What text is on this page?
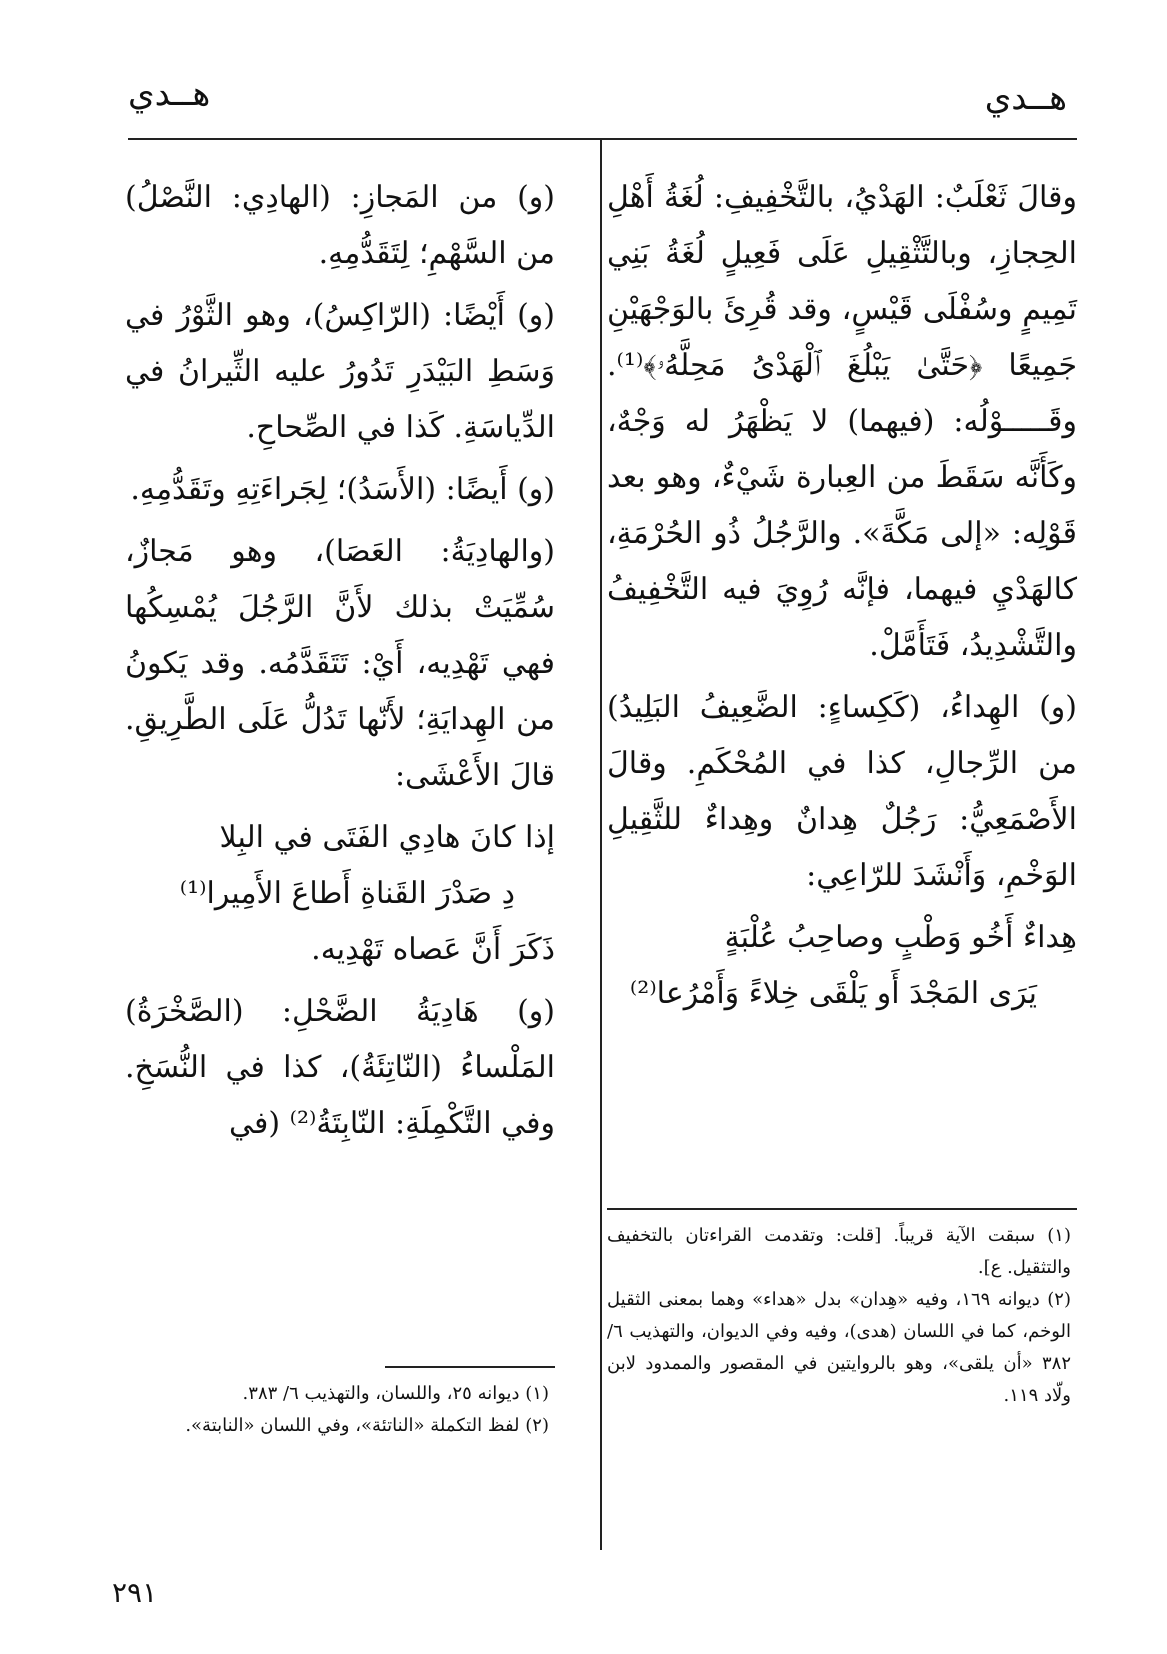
هــدي
هــدي

وقالَ ثَعْلَبٌ: الهَدْيُ، بالتَّخْفِيفِ: لُغَةُ أَهْلِ الحِجازِ، وبالتَّثْقِيلِ عَلَى فَعِيلٍ لُغَةُ بَنِي تَمِيمٍ وسُفْلَى قَيْسٍ، وقد قُرِئَ بالوَجْهَيْنِ جَمِيعًا ﴿حَتَّىٰ يَبْلُغَ ٱلْهَدْىُ مَحِلَّهُۥ﴾⁽¹⁾. وقَـــــوْلُه: (فيهما) لا يَظْهَرُ له وَجْهٌ، وكَأَنَّه سَقَطَ من العِبارة شَيْءٌ، وهو بعد قَوْلِه: «إلى مَكَّةَ». والرَّجُلُ ذُو الحُرْمَةِ، كالهَدْيِ فيهما، فإنَّه رُوِيَ فيه التَّخْفِيفُ والتَّشْدِيدُ، فَتَأَمَّلْ.

(و) الهِداءُ، (كَكِساءٍ: الضَّعِيفُ البَلِيدُ) من الرِّجالِ، كذا في المُحْكَمِ. وقالَ الأَصْمَعِيُّ: رَجُلٌ هِدانٌ وهِداءٌ للثَّقِيلِ الوَخْمِ، وَأَنْشَدَ للرّاعِي:

هِداءٌ أَخُو وَطْبٍ وصاحِبُ عُلْبَةٍ

يَرَى المَجْدَ أَو يَلْقَى خِلاءً وَأَمْرُعا⁽²⁾

(١) سبقت الآية قريباً. [قلت: وتقدمت القراءتان بالتخفيف والتثقيل. ع].

(٢) ديوانه ١٦٩، وفيه «هِدان» بدل «هداء» وهما بمعنى الثقيل الوخم، كما في اللسان (هدى)، وفيه وفي الديوان، والتهذيب ٦/ ٣٨٢ «أن يلقى»، وهو بالروايتين في المقصور والممدود لابن ولّاد ١١٩.

(و) من المَجازِ: (الهادِي: النَّصْلُ) من السَّهْمِ؛ لِتَقَدُّمِهِ.

(و) أَيْضًا: (الرّاكِسُ)، وهو الثَّوْرُ في وَسَطِ البَيْدَرِ تَدُورُ عليه الثِّيرانُ في الدِّياسَةِ. كَذا في الصِّحاحِ.

(و) أَيضًا: (الأَسَدُ)؛ لِجَراءَتِهِ وتَقَدُّمِهِ.

(والهادِيَةُ: العَصَا)، وهو مَجازٌ، سُمِّيَتْ بذلك لأَنَّ الرَّجُلَ يُمْسِكُها فهي تَهْدِيه، أَيْ: تَتَقَدَّمُه. وقد يَكونُ من الهِدايَةِ؛ لأَنّها تَدُلُّ عَلَى الطَّرِيقِ. قالَ الأَعْشَى:

إذا كانَ هادِي الفَتَى في البِلا

دِ صَدْرَ القَناةِ أَطاعَ الأَمِيرا⁽¹⁾

ذَكَرَ أَنَّ عَصاه تَهْدِيه.

(و) هَادِيَةُ الضَّحْلِ: (الصَّخْرَةُ) المَلْساءُ (النّاتِئَةُ)، كذا في النُّسَخِ. وفي التَّكْمِلَةِ: النّابِتَةُ⁽²⁾ (في

(١) ديوانه ٢٥، واللسان، والتهذيب ٦/ ٣٨٣.

(٢) لفظ التكملة «الناتئة»، وفي اللسان «النابتة».

٢٩١
